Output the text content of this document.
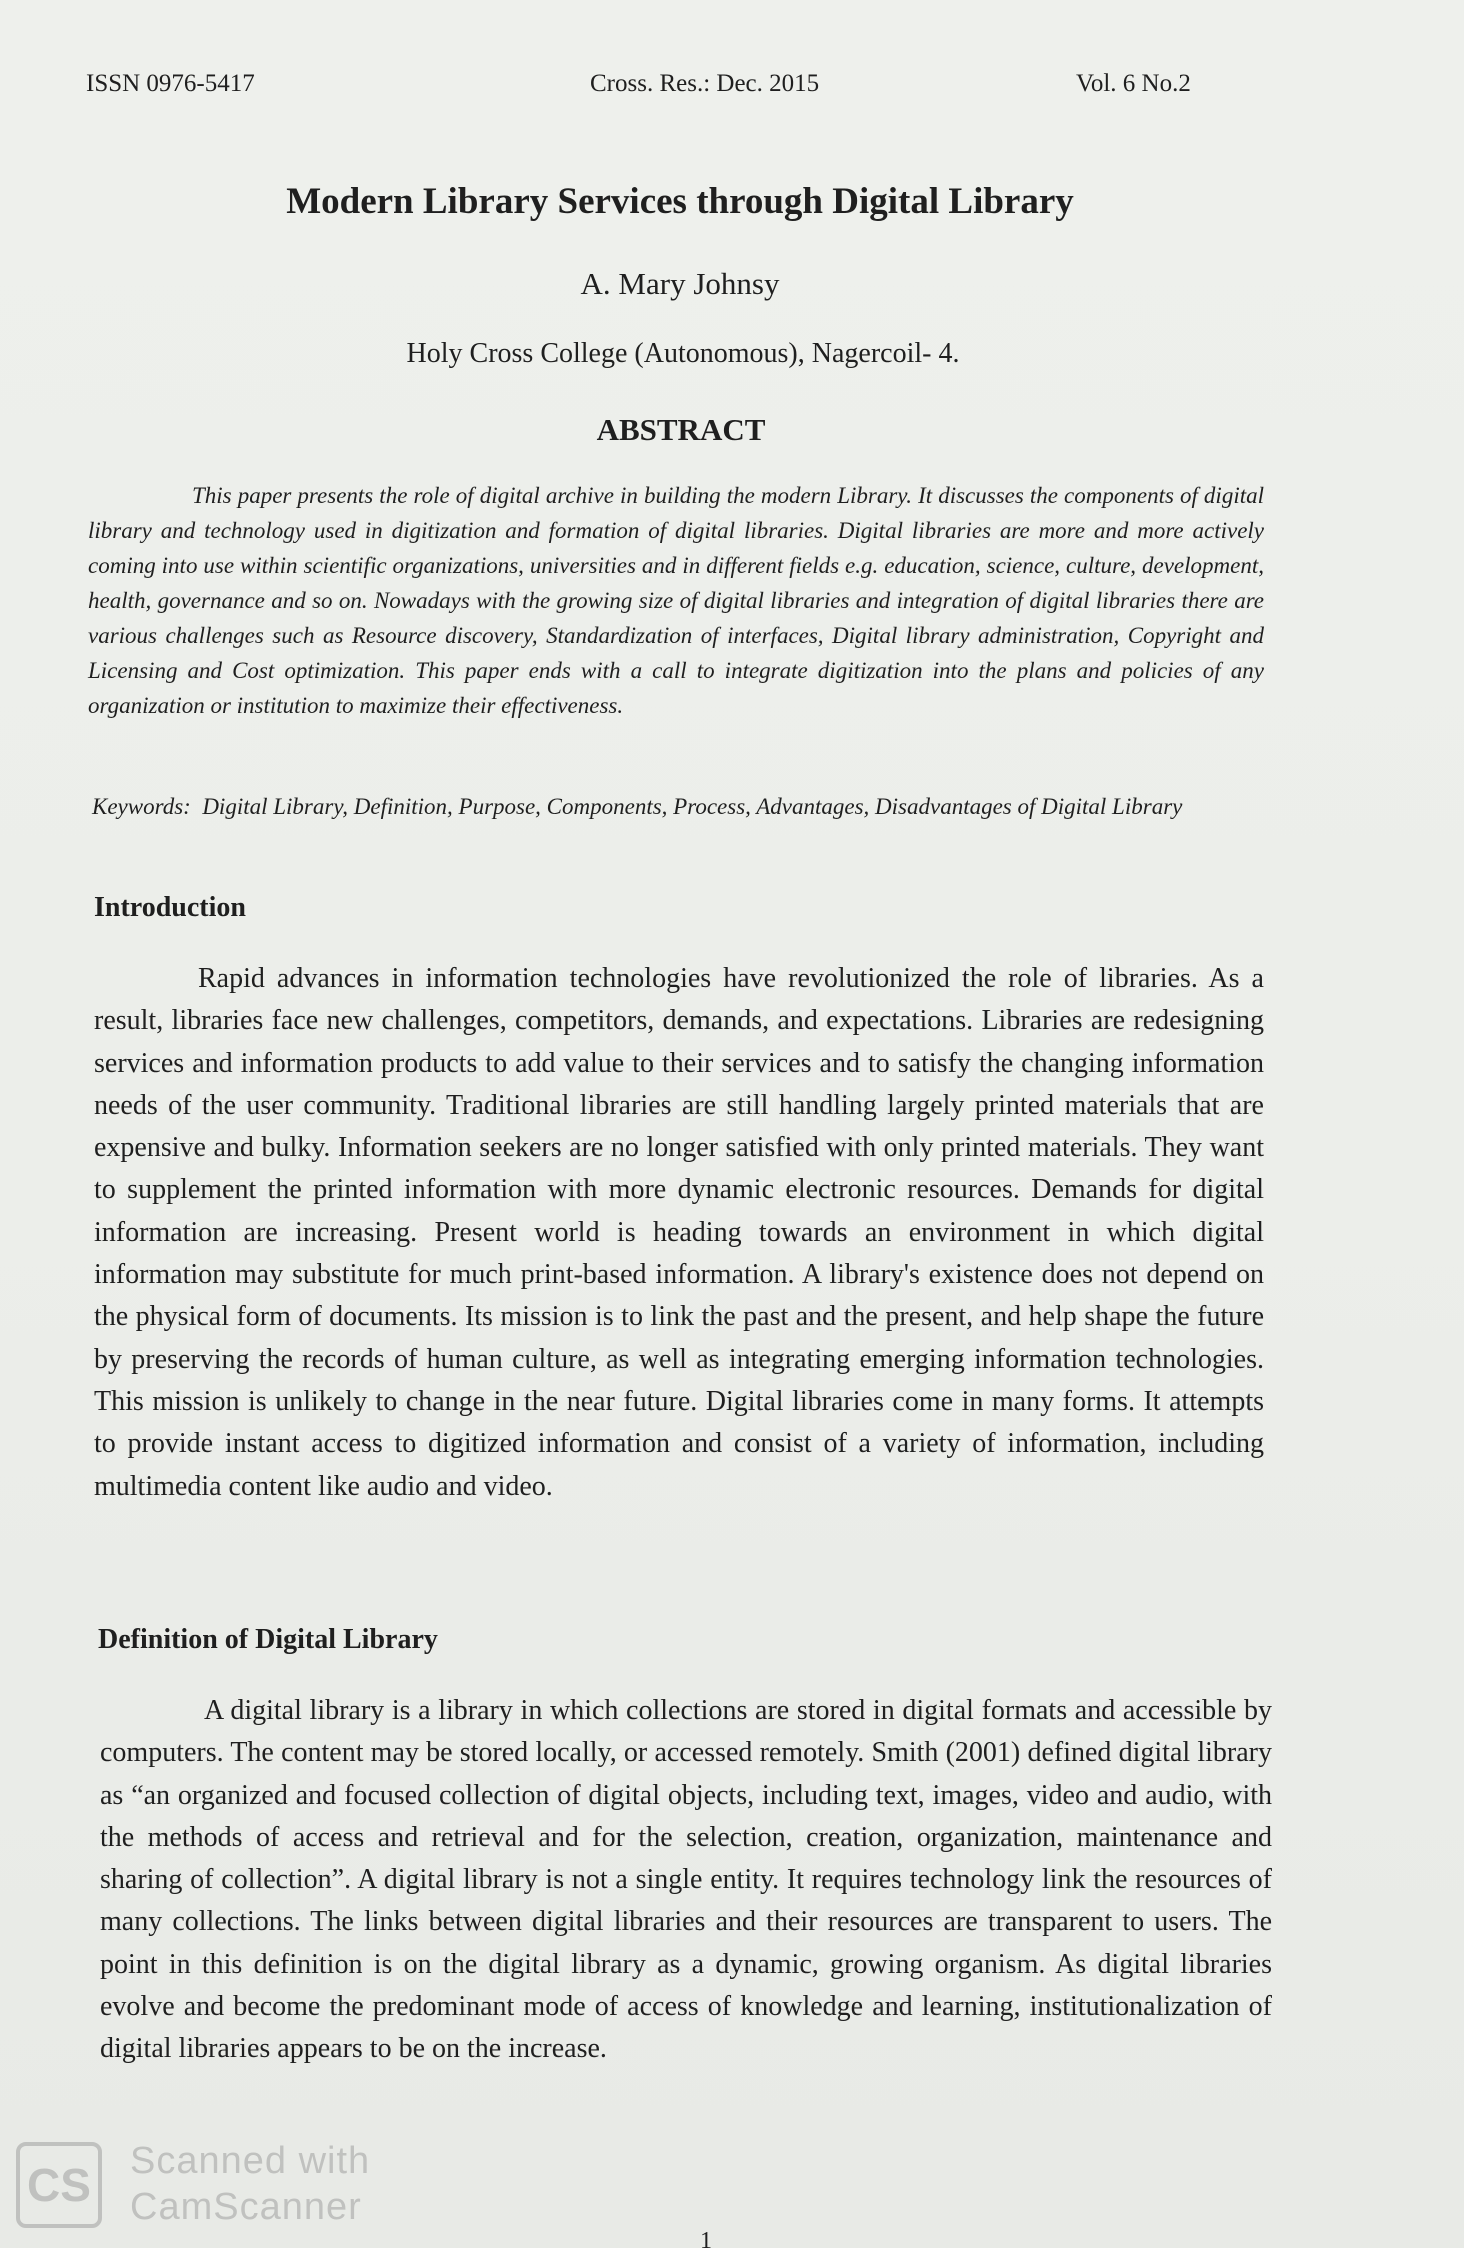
ISSN 0976-5417	Cross. Res.: Dec. 2015	Vol. 6 No.2
Modern Library Services through Digital Library
A. Mary Johnsy
Holy Cross College (Autonomous), Nagercoil- 4.
ABSTRACT
This paper presents the role of digital archive in building the modern Library. It discusses the components of digital library and technology used in digitization and formation of digital libraries. Digital libraries are more and more actively coming into use within scientific organizations, universities and in different fields e.g. education, science, culture, development, health, governance and so on. Nowadays with the growing size of digital libraries and integration of digital libraries there are various challenges such as Resource discovery, Standardization of interfaces, Digital library administration, Copyright and Licensing and Cost optimization. This paper ends with a call to integrate digitization into the plans and policies of any organization or institution to maximize their effectiveness.
Keywords: Digital Library, Definition, Purpose, Components, Process, Advantages, Disadvantages of Digital Library
Introduction
Rapid advances in information technologies have revolutionized the role of libraries. As a result, libraries face new challenges, competitors, demands, and expectations. Libraries are redesigning services and information products to add value to their services and to satisfy the changing information needs of the user community. Traditional libraries are still handling largely printed materials that are expensive and bulky. Information seekers are no longer satisfied with only printed materials. They want to supplement the printed information with more dynamic electronic resources. Demands for digital information are increasing. Present world is heading towards an environment in which digital information may substitute for much print-based information. A library's existence does not depend on the physical form of documents. Its mission is to link the past and the present, and help shape the future by preserving the records of human culture, as well as integrating emerging information technologies. This mission is unlikely to change in the near future. Digital libraries come in many forms. It attempts to provide instant access to digitized information and consist of a variety of information, including multimedia content like audio and video.
Definition of Digital Library
A digital library is a library in which collections are stored in digital formats and accessible by computers. The content may be stored locally, or accessed remotely. Smith (2001) defined digital library as “an organized and focused collection of digital objects, including text, images, video and audio, with the methods of access and retrieval and for the selection, creation, organization, maintenance and sharing of collection”. A digital library is not a single entity. It requires technology link the resources of many collections. The links between digital libraries and their resources are transparent to users. The point in this definition is on the digital library as a dynamic, growing organism. As digital libraries evolve and become the predominant mode of access of knowledge and learning, institutionalization of digital libraries appears to be on the increase.
CS Scanned with
CamScanner
1
